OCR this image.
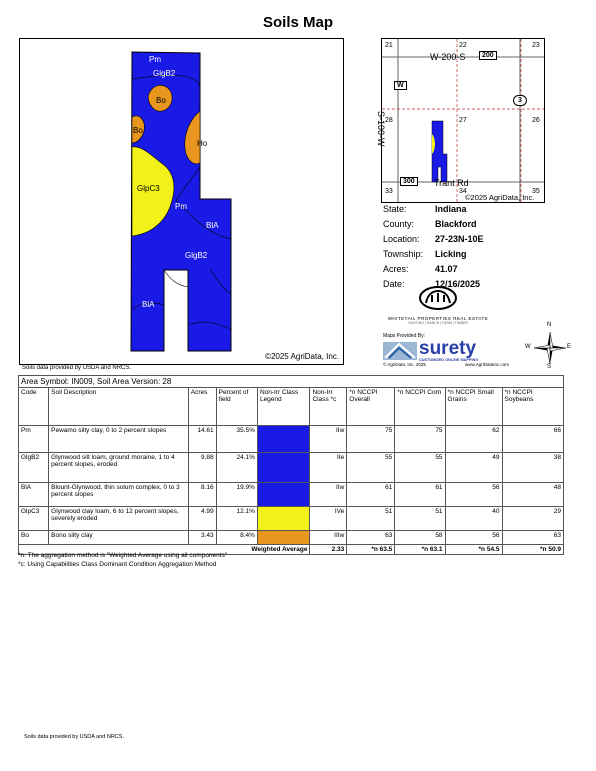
Soils Map
Pm
GlgB2
Bo
Bo
Ho
GlpC3
Pm
BlA
GlgB2
BlA
©2025 AgriData, Inc.
Soils data provided by USDA and NRCS.
21	22	23
28	27	26
33	34	35
W-200-S
S-100-W
Trant Rd
200
W
3
300
©2025 AgriData, Inc.
State:	Indiana
County: Blackford
Location: 27-23N-10E
Township: Licking
Acres:	41.07
Date:	12/16/2025
WHITETAIL PROPERTIES REAL ESTATE
HUNTING | RANCH | FARM | TIMBER
Maps Provided By:
surety
CUSTOMIZED ONLINE MAPPING
© AgriData, Inc. 2025	www.AgriDataInc.com
N
E
S
W
Area Symbol: IN009, Soil Area Version: 28									
Code	Soil Description	Acres	Percent of field	Non-Irr Class Legend	Non-Irr Class *c	*n NCCPI Overall	*n NCCPI Corn	*n NCCPI Small Grains	*n NCCPI Soybeans
Pm	Pewamo silty clay, 0 to 2 percent slopes	14.61	35.5%		IIw	75	75	62	66
GlgB2	Glynwood silt loam, ground moraine, 1 to 4 percent slopes, eroded	9.88	24.1%		IIe	55	55	49	38
BlA	Blount-Glynwood, thin solum complex, 0 to 3 percent slopes	8.16	19.9%		IIw	61	61	56	48
GlpC3	Glynwood clay loam, 6 to 12 percent slopes, severely eroded	4.99	12.1%		IVe	51	51	40	29
Bo	Bono silty clay	3.43	8.4%		IIIw	63	58	56	63
Weighted Average					2.33	*n 63.5	*n 63.1	*n 54.5	*n 50.9
*n: The aggregation method is "Weighted Average using all components"
*c: Using Capabilities Class Dominant Condition Aggregation Method
Soils data provided by USDA and NRCS.
